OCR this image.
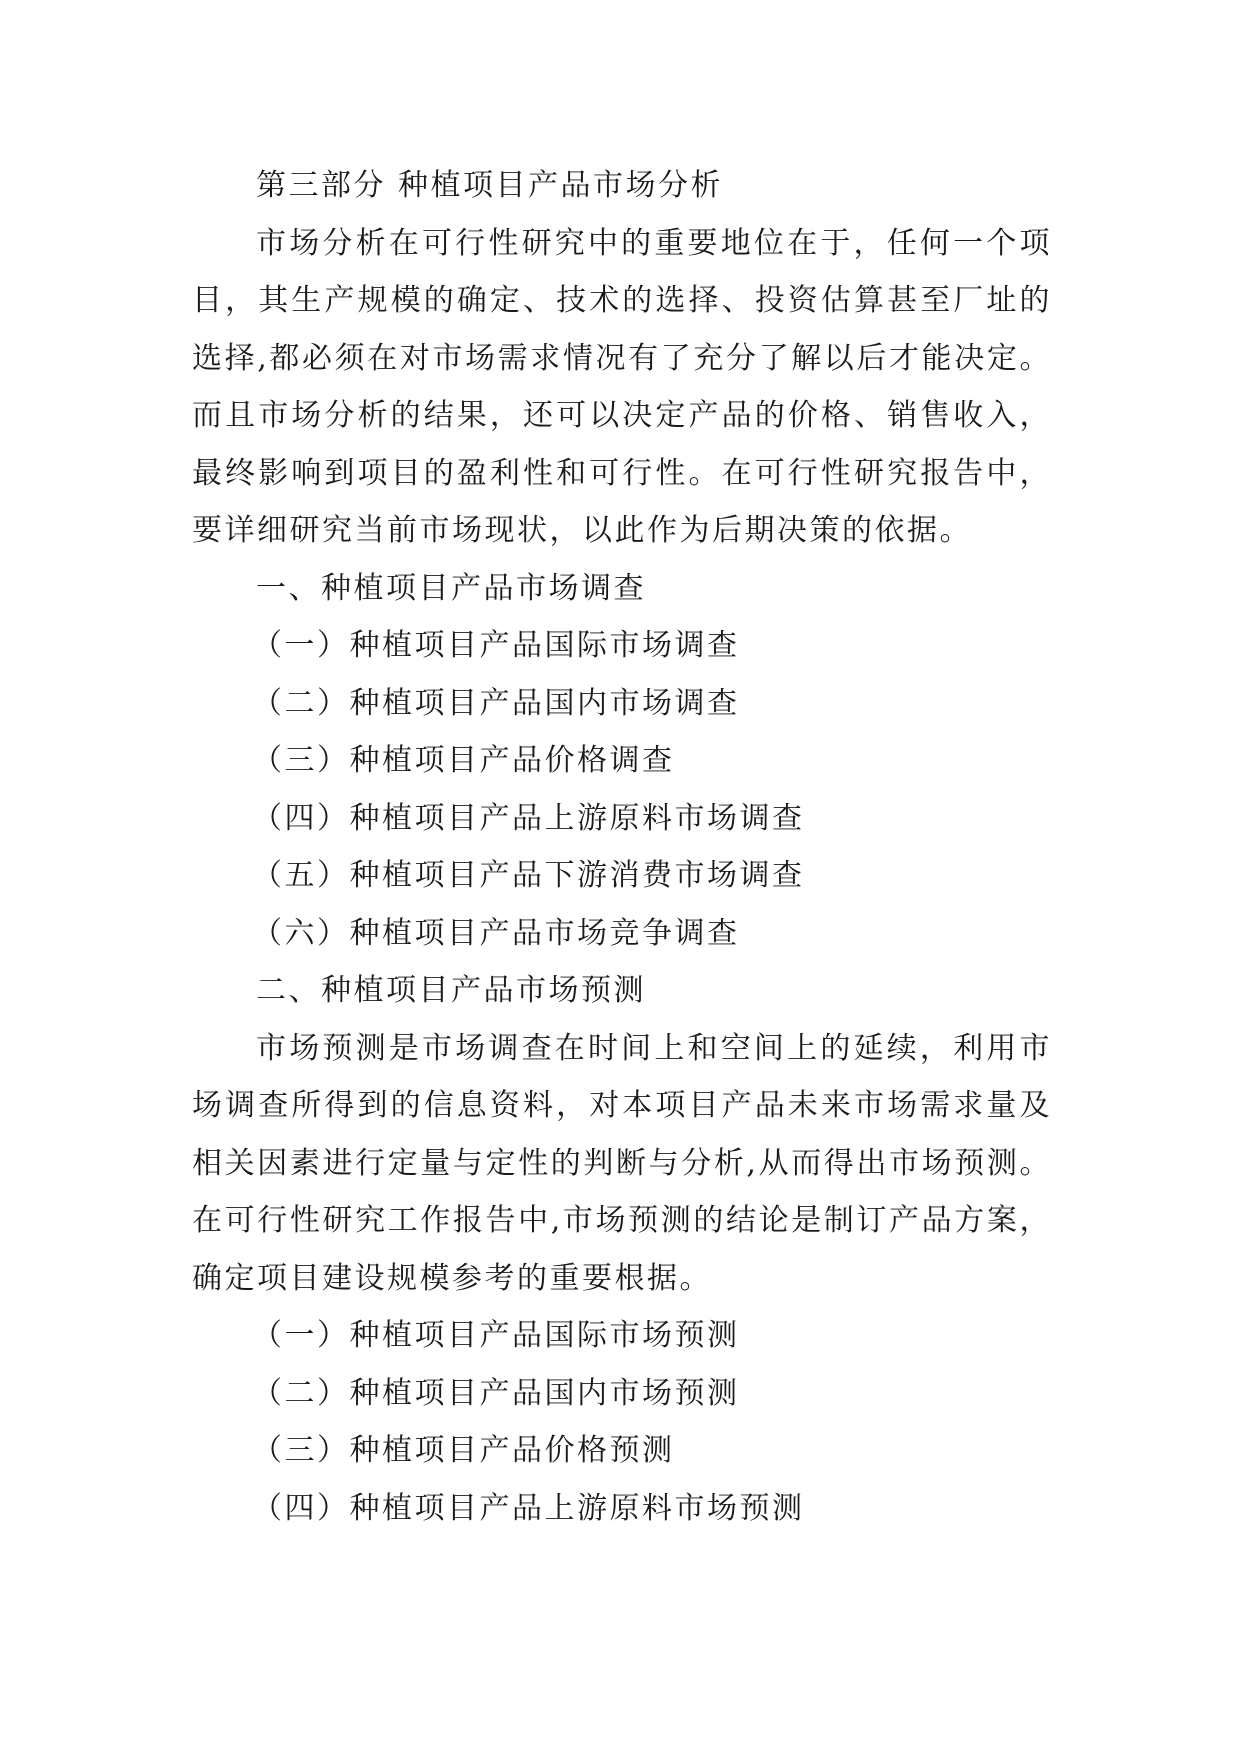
第三部分 种植项目产品市场分析
市场分析在可行性研究中的重要地位在于，任何一个项
目，其生产规模的确定、技术的选择、投资估算甚至厂址的
选择,都必须在对市场需求情况有了充分了解以后才能决定。
而且市场分析的结果，还可以决定产品的价格、销售收入，
最终影响到项目的盈利性和可行性。在可行性研究报告中，
要详细研究当前市场现状，以此作为后期决策的依据。
一、种植项目产品市场调查
（一）种植项目产品国际市场调查
（二）种植项目产品国内市场调查
（三）种植项目产品价格调查
（四）种植项目产品上游原料市场调查
（五）种植项目产品下游消费市场调查
（六）种植项目产品市场竞争调查
二、种植项目产品市场预测
市场预测是市场调查在时间上和空间上的延续，利用市
场调查所得到的信息资料，对本项目产品未来市场需求量及
相关因素进行定量与定性的判断与分析,从而得出市场预测。
在可行性研究工作报告中,市场预测的结论是制订产品方案，
确定项目建设规模参考的重要根据。
（一）种植项目产品国际市场预测
（二）种植项目产品国内市场预测
（三）种植项目产品价格预测
（四）种植项目产品上游原料市场预测
